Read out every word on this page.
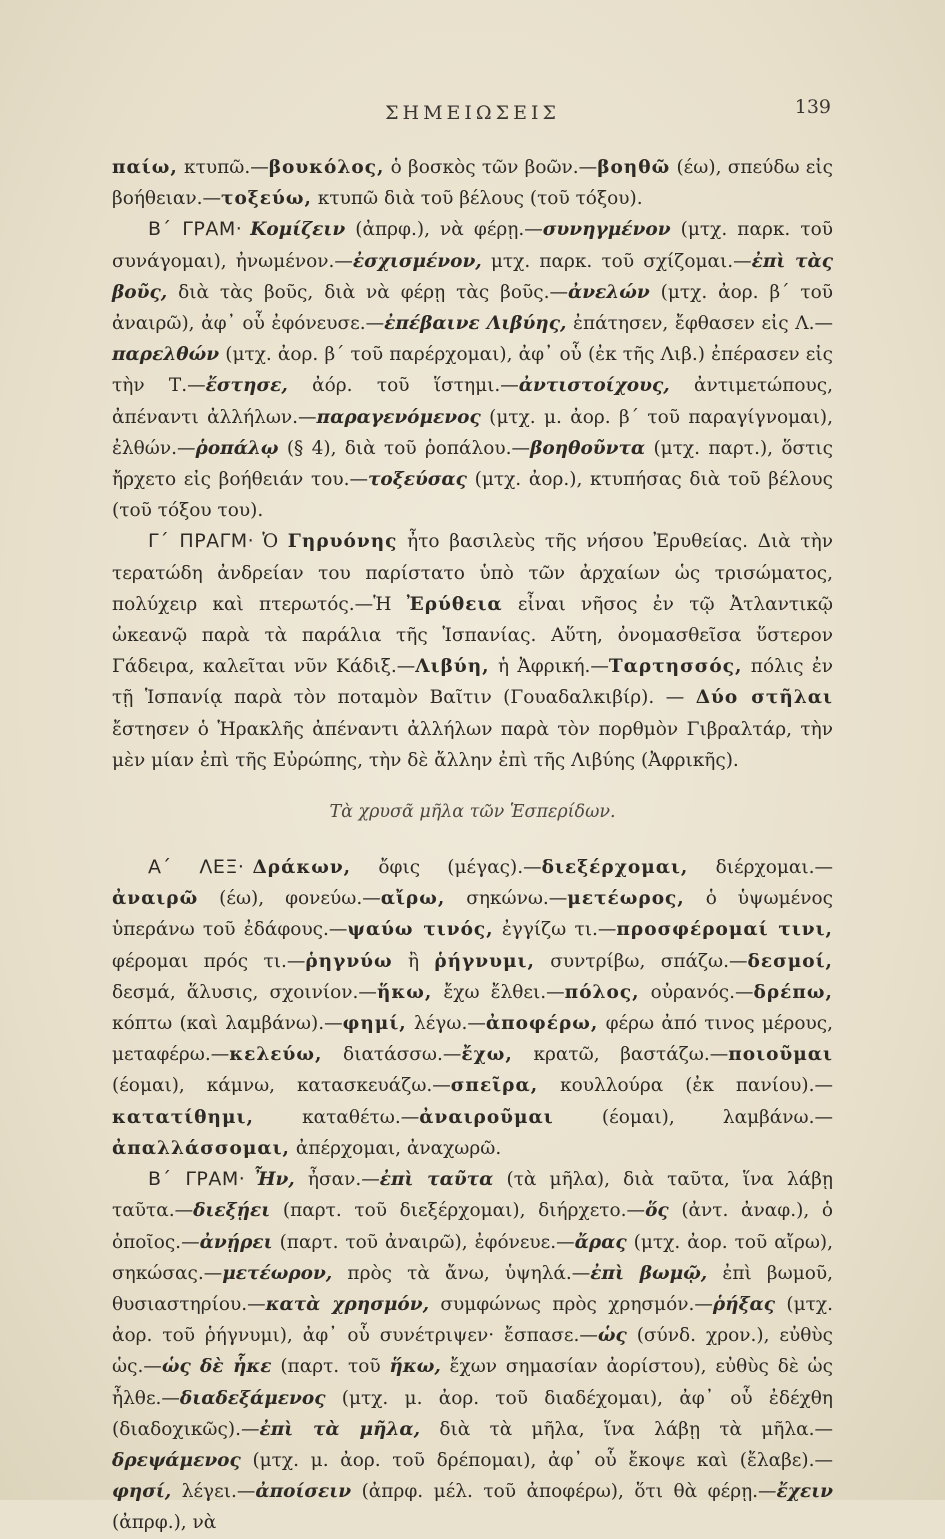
ΣΗΜΕΙΩΣΕΙΣ	139

παίω, κτυπῶ.—βουκόλος, ὁ βοσκὸς τῶν βοῶν.—βοηθῶ (έω), σπεύδω εἰς βοήθειαν.—τοξεύω, κτυπῶ διὰ τοῦ βέλους (τοῦ τόξου).

Β΄ ΓΡΑΜ· Κομίζειν (ἀπρφ.), νὰ φέρῃ.—συνηγμένον (μτχ. παρκ. τοῦ συνάγομαι), ἠνωμένον.—ἐσχισμένον, μτχ. παρκ. τοῦ σχίζομαι.—ἐπὶ τὰς βοῦς, διὰ τὰς βοῦς, διὰ νὰ φέρῃ τὰς βοῦς.—ἀνελών (μτχ. ἀορ. β΄ τοῦ ἀναιρῶ), ἀφ᾽ οὗ ἐφόνευσε.—ἐπέβαινε Λιβύης, ἐπάτησεν, ἔφθασεν εἰς Λ.—παρελθών (μτχ. ἀορ. β΄ τοῦ παρέρχομαι), ἀφ᾽ οὗ (ἐκ τῆς Λιβ.) ἐπέρασεν εἰς τὴν Τ.—ἔστησε, ἀόρ. τοῦ ἵστημι.—ἀντιστοίχους, ἀντιμετώπους, ἀπέναντι ἀλλήλων.—παραγενόμενος (μτχ. μ. ἀορ. β΄ τοῦ παραγίγνομαι), ἐλθών.—ῥοπάλῳ (§ 4), διὰ τοῦ ῥοπάλου.—βοηθοῦντα (μτχ. παρτ.), ὅστις ἤρχετο εἰς βοήθειάν του.—τοξεύσας (μτχ. ἀορ.), κτυπήσας διὰ τοῦ βέλους (τοῦ τόξου του).

Γ΄ ΠΡΑΓΜ· Ὁ Γηρυόνης ἦτο βασιλεὺς τῆς νήσου Ἐρυθείας. Διὰ τὴν τερατώδη ἀνδρείαν του παρίστατο ὑπὸ τῶν ἀρχαίων ὡς τρισώματος, πολύχειρ καὶ πτερωτός.—Ἡ Ἐρύθεια εἶναι νῆσος ἐν τῷ Ἀτλαντικῷ ὠκεανῷ παρὰ τὰ παράλια τῆς Ἱσπανίας. Αὕτη, ὀνομασθεῖσα ὕστερον Γάδειρα, καλεῖται νῦν Κάδιξ.—Λιβύη, ἡ Ἀφρική.—Ταρτησσός, πόλις ἐν τῇ Ἱσπανίᾳ παρὰ τὸν ποταμὸν Βαῖτιν (Γουαδαλκιβίρ). — Δύο στῆλαι ἔστησεν ὁ Ἡρακλῆς ἀπέναντι ἀλλήλων παρὰ τὸν πορθμὸν Γιβραλτάρ, τὴν μὲν μίαν ἐπὶ τῆς Εὐρώπης, τὴν δὲ ἄλλην ἐπὶ τῆς Λιβύης (Ἀφρικῆς).

Τὰ χρυσᾶ μῆλα τῶν Ἑσπερίδων.

Α΄ ΛΕΞ· Δράκων, ὄφις (μέγας).—διεξέρχομαι, διέρχομαι.—ἀναιρῶ (έω), φονεύω.—αἴρω, σηκώνω.—μετέωρος, ὁ ὑψωμένος ὑπεράνω τοῦ ἐδάφους.—ψαύω τινός, ἐγγίζω τι.—προσφέρομαί τινι, φέρομαι πρός τι.—ῥηγνύω ἢ ῥήγνυμι, συντρίβω, σπάζω.—δεσμοί, δεσμά, ἅλυσις, σχοινίον.—ἥκω, ἔχω ἔλθει.—πόλος, οὐρανός.—δρέπω, κόπτω (καὶ λαμβάνω).—φημί, λέγω.—ἀποφέρω, φέρω ἀπό τινος μέρους, μεταφέρω.—κελεύω, διατάσσω.—ἔχω, κρατῶ, βαστάζω.—ποιοῦμαι (έομαι), κάμνω, κατασκευάζω.—σπεῖρα, κουλλούρα (ἐκ πανίου).—κατατίθημι, καταθέτω.—ἀναιροῦμαι (έομαι), λαμβάνω.—ἀπαλλάσσομαι, ἀπέρχομαι, ἀναχωρῶ.

Β΄ ΓΡΑΜ· Ἦν, ἦσαν.—ἐπὶ ταῦτα (τὰ μῆλα), διὰ ταῦτα, ἵνα λάβῃ ταῦτα.—διεξῄει (παρτ. τοῦ διεξέρχομαι), διήρχετο.—ὅς (ἀντ. ἀναφ.), ὁ ὁποῖος.—ἀνῄρει (παρτ. τοῦ ἀναιρῶ), ἐφόνευε.—ἄρας (μτχ. ἀορ. τοῦ αἴρω), σηκώσας.—μετέωρον, πρὸς τὰ ἄνω, ὑψηλά.—ἐπὶ βωμῷ, ἐπὶ βωμοῦ, θυσιαστηρίου.—κατὰ χρησμόν, συμφώνως πρὸς χρησμόν.—ῥήξας (μτχ. ἀορ. τοῦ ῥήγνυμι), ἀφ᾽ οὗ συνέτριψεν· ἔσπασε.—ὡς (σύνδ. χρον.), εὐθὺς ὡς.—ὡς δὲ ἧκε (παρτ. τοῦ ἥκω, ἔχων σημασίαν ἀορίστου), εὐθὺς δὲ ὡς ἦλθε.—διαδεξάμενος (μτχ. μ. ἀορ. τοῦ διαδέχομαι), ἀφ᾽ οὗ ἐδέχθη (διαδοχικῶς).—ἐπὶ τὰ μῆλα, διὰ τὰ μῆλα, ἵνα λάβῃ τὰ μῆλα.—δρεψάμενος (μτχ. μ. ἀορ. τοῦ δρέπομαι), ἀφ᾽ οὗ ἔκοψε καὶ (ἔλαβε).—φησί, λέγει.—ἀποίσειν (ἀπρφ. μέλ. τοῦ ἀποφέρω), ὅτι θὰ φέρῃ.—ἔχειν (ἀπρφ.), νὰ
